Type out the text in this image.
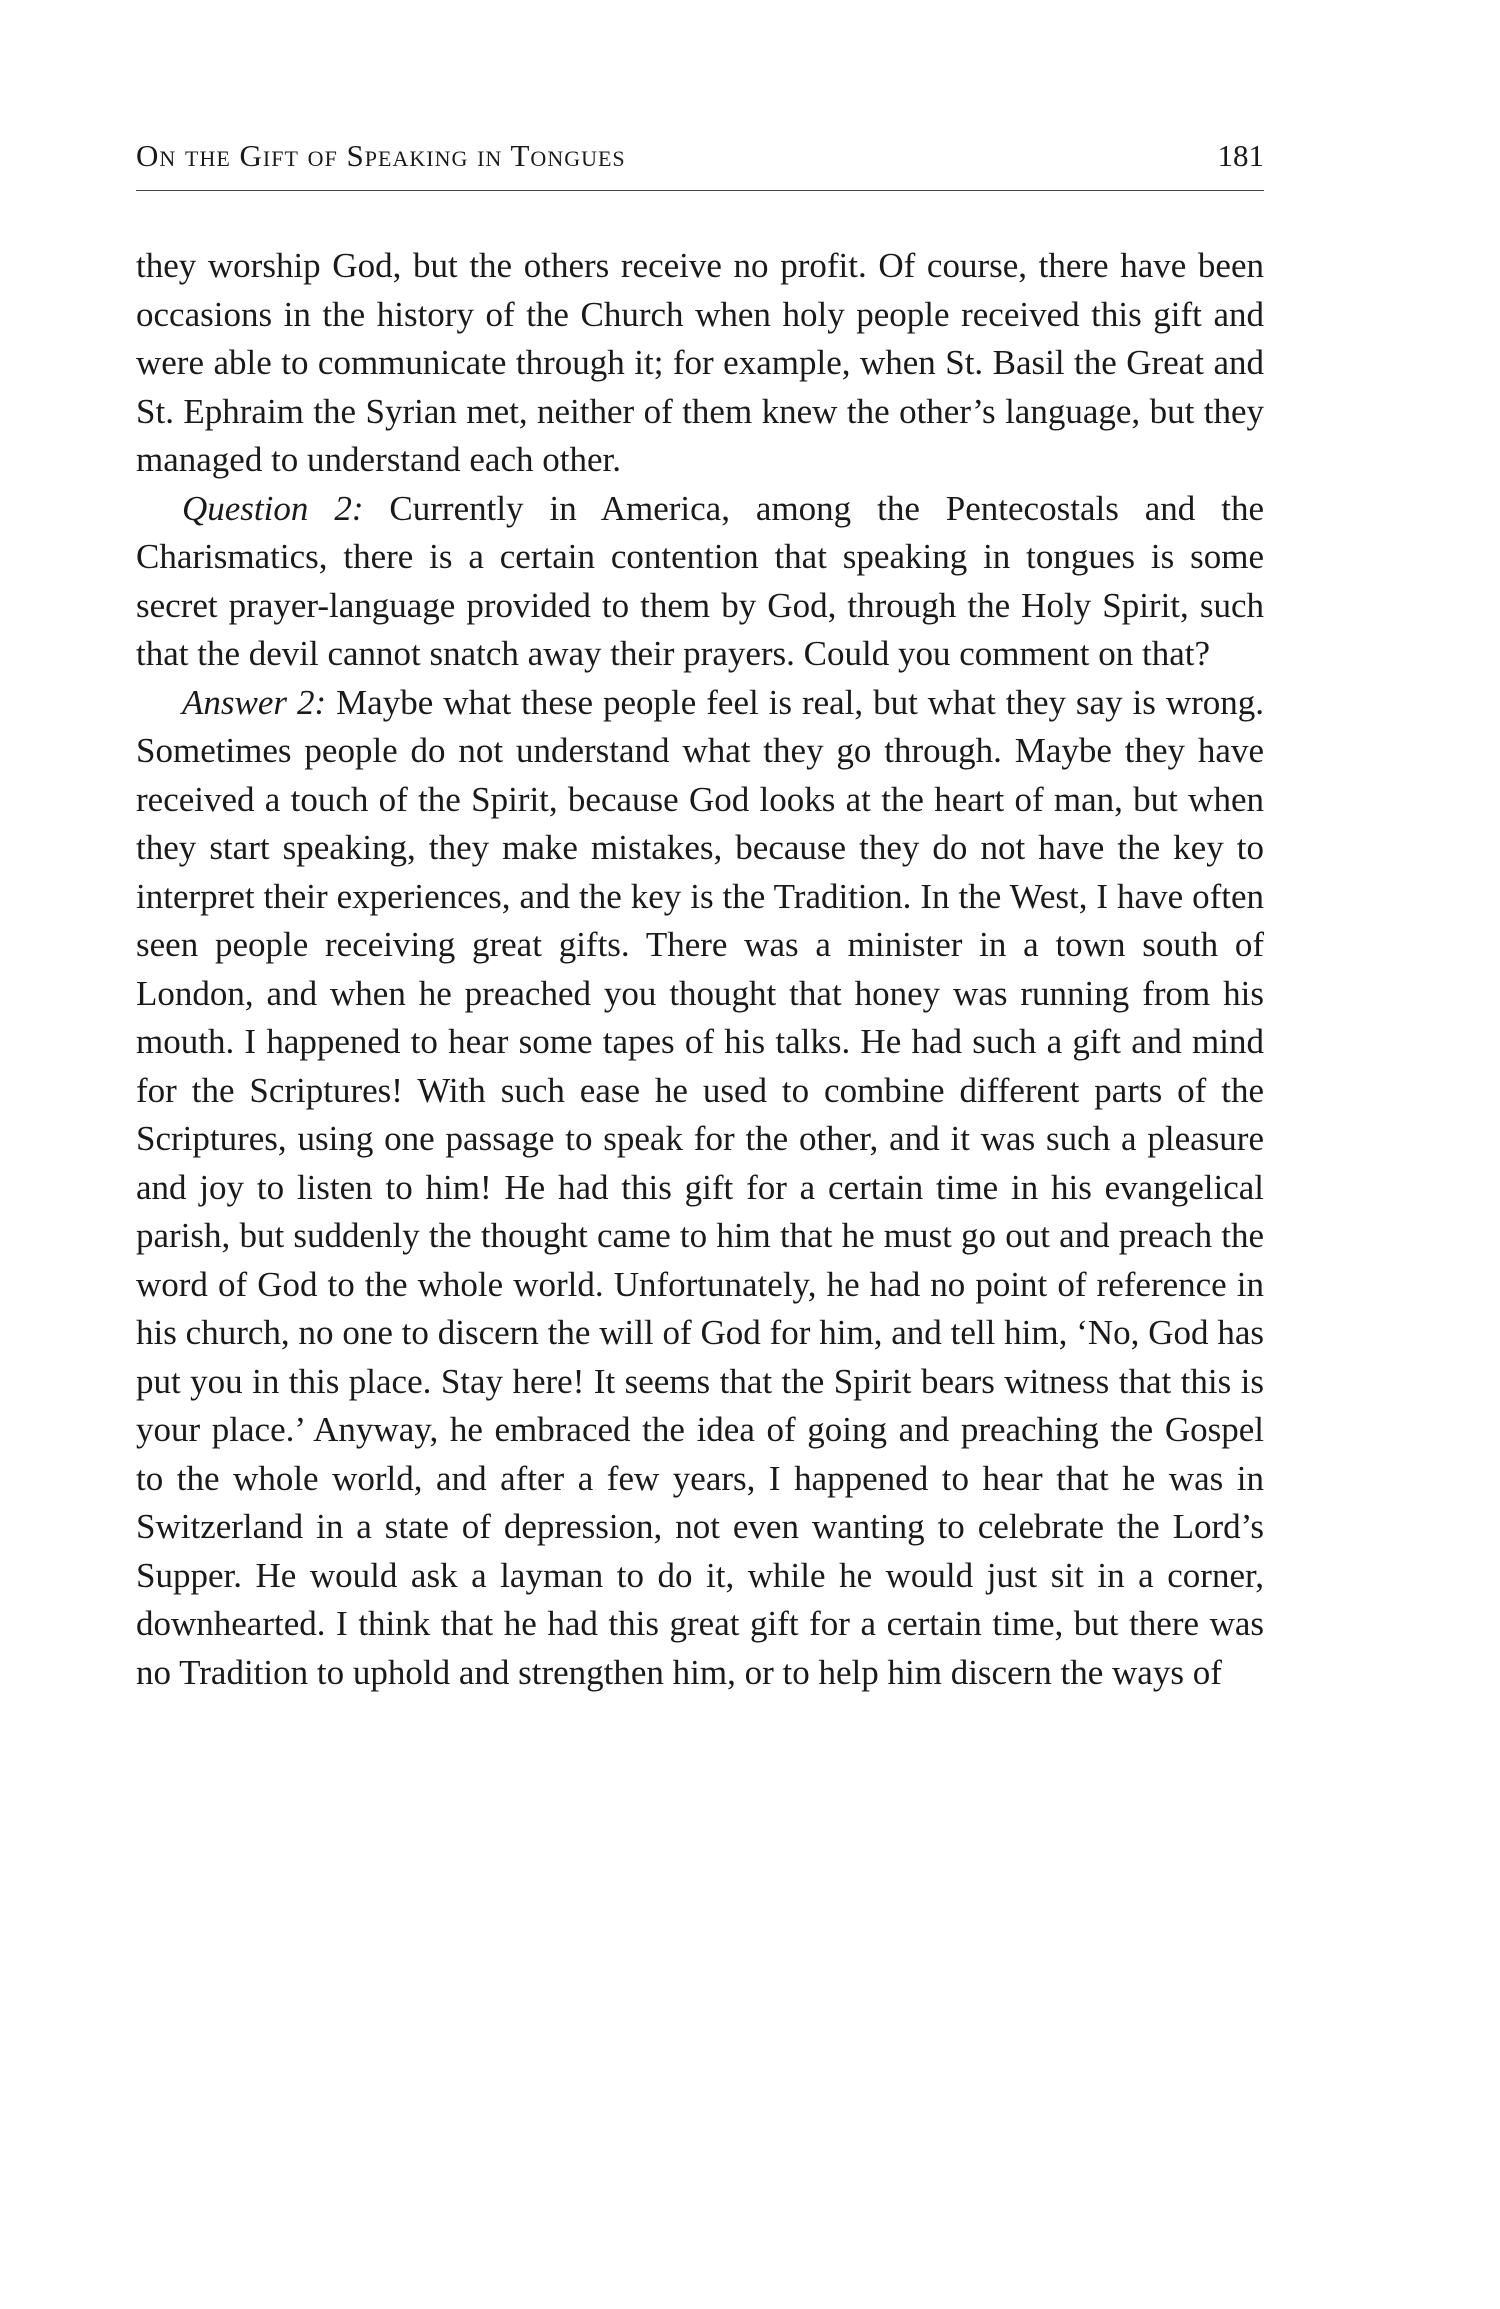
On the Gift of Speaking in Tongues	181

they worship God, but the others receive no profit. Of course, there have been occasions in the history of the Church when holy people received this gift and were able to communicate through it; for example, when St. Basil the Great and St. Ephraim the Syrian met, neither of them knew the other’s language, but they managed to understand each other.

Question 2: Currently in America, among the Pentecostals and the Charismatics, there is a certain contention that speaking in tongues is some secret prayer-language provided to them by God, through the Holy Spirit, such that the devil cannot snatch away their prayers. Could you comment on that?

Answer 2: Maybe what these people feel is real, but what they say is wrong. Sometimes people do not understand what they go through. Maybe they have received a touch of the Spirit, because God looks at the heart of man, but when they start speaking, they make mistakes, because they do not have the key to interpret their experiences, and the key is the Tradition. In the West, I have often seen people receiving great gifts. There was a minister in a town south of London, and when he preached you thought that honey was running from his mouth. I happened to hear some tapes of his talks. He had such a gift and mind for the Scriptures! With such ease he used to combine different parts of the Scriptures, using one passage to speak for the other, and it was such a pleasure and joy to listen to him! He had this gift for a certain time in his evangelical parish, but suddenly the thought came to him that he must go out and preach the word of God to the whole world. Unfortunately, he had no point of reference in his church, no one to discern the will of God for him, and tell him, ‘No, God has put you in this place. Stay here! It seems that the Spirit bears witness that this is your place.’ Anyway, he embraced the idea of going and preaching the Gospel to the whole world, and after a few years, I happened to hear that he was in Switzerland in a state of depression, not even wanting to celebrate the Lord’s Supper. He would ask a layman to do it, while he would just sit in a corner, downhearted. I think that he had this great gift for a certain time, but there was no Tradition to uphold and strengthen him, or to help him discern the ways of
